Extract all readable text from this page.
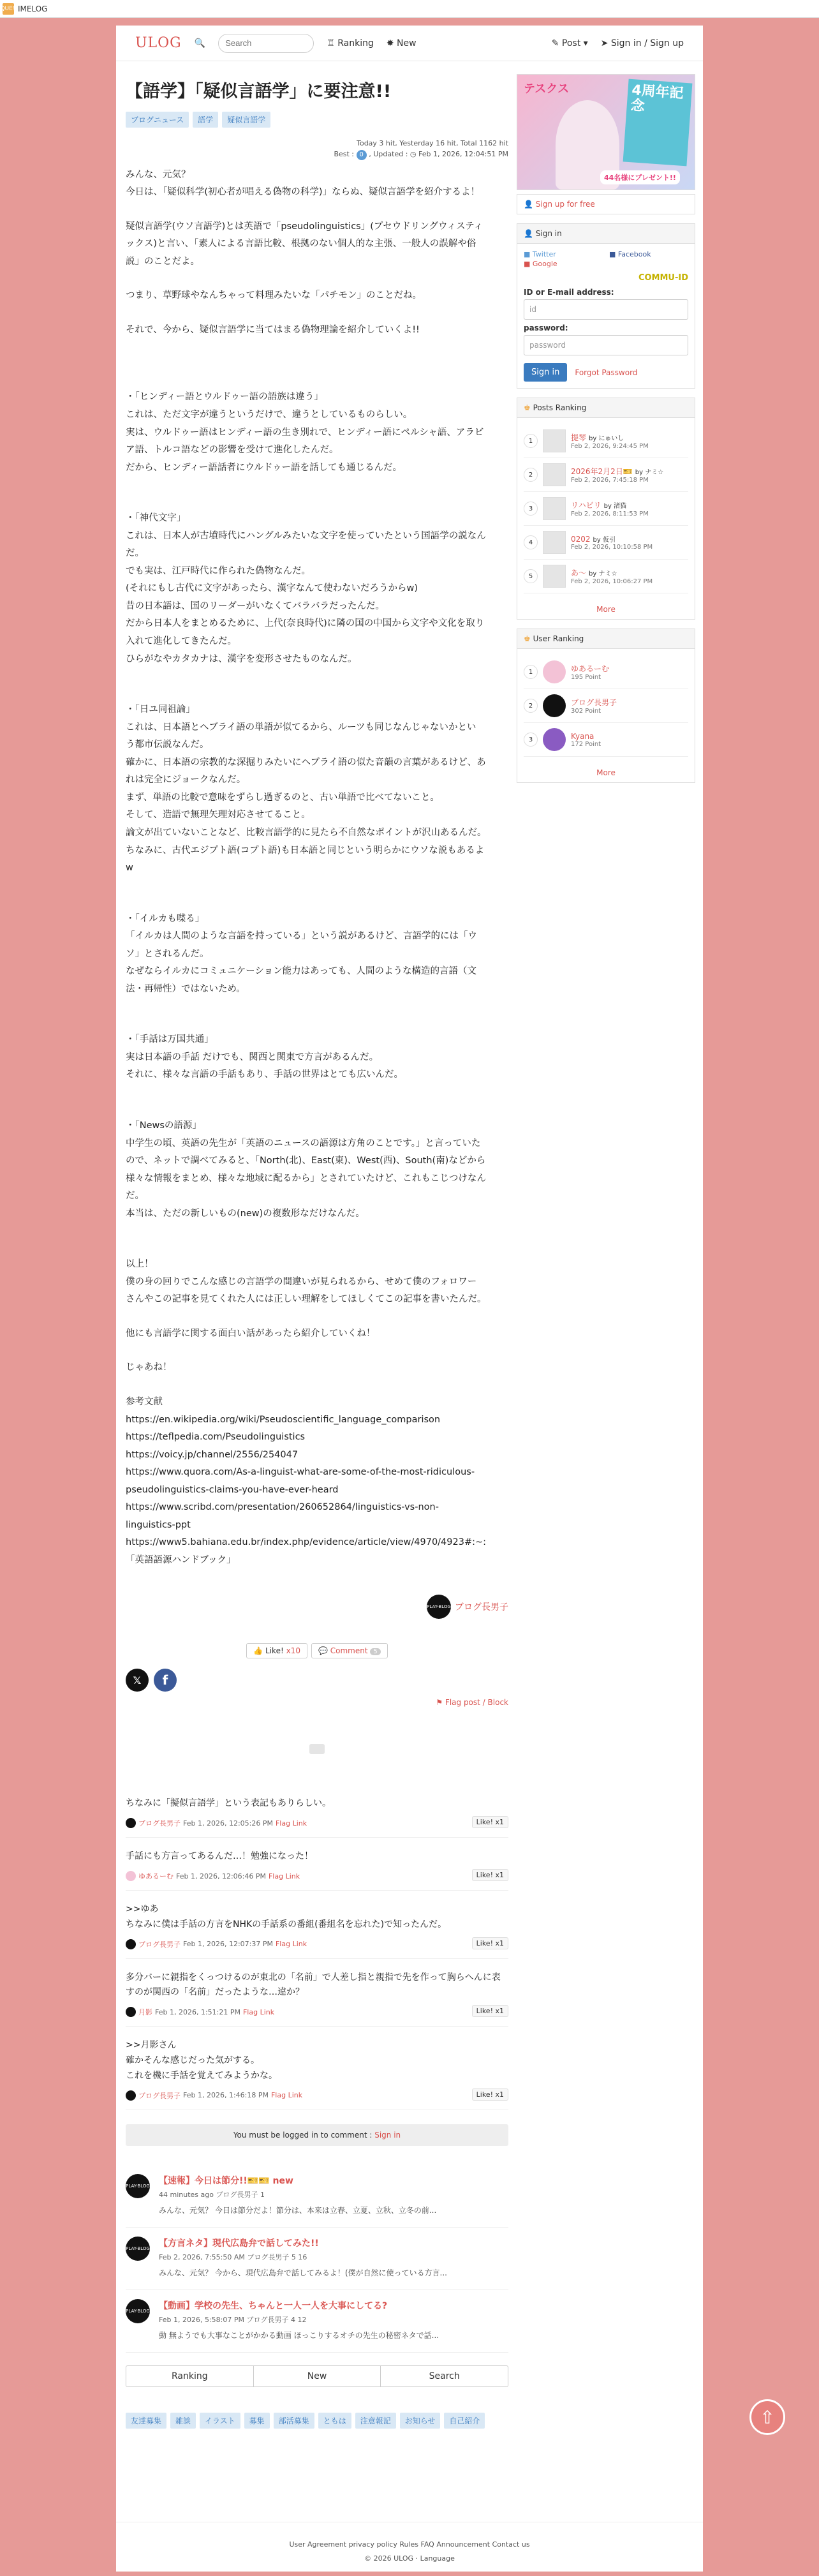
QUE9 IMELOG
ULOG 🔍
Search	♖ Ranking ✸ New	✎ Post ▾ ➤ Sign in / Sign up
【語学】「疑似言語学」に要注意!!
ブログニュース	語学	疑似言語学
Today 3 hit, Yesterday 16 hit, Total 1162 hit
Best : 0 , Updated : ◷ Feb 1, 2026, 12:04:51 PM
みんな、元気？
今日は、「疑似科学(初心者が唱える偽物の科学)」ならぬ、疑似言語学を紹介するよ！
疑似言語学(ウソ言語学)とは英語で「pseudolinguistics」(プセウドリングウィスティ
ックス)と言い、「素人による言語比較、根拠のない個人的な主張、一般人の誤解や俗
説」のことだよ。
つまり、草野球やなんちゃって料理みたいな「パチモン」のことだね。
それで、今から、疑似言語学に当てはまる偽物理論を紹介していくよ!!
・「ヒンディー語とウルドゥー語の語族は違う」
これは、ただ文字が違うというだけで、違うとしているものらしい。
実は、ウルドゥー語はヒンディー語の生き別れで、ヒンディー語にペルシャ語、アラビ
ア語、トルコ語などの影響を受けて進化したんだ。
だから、ヒンディー語話者にウルドゥー語を話しても通じるんだ。
・「神代文字」
これは、日本人が古墳時代にハングルみたいな文字を使っていたという国語学の説なん
だ。
でも実は、江戸時代に作られた偽物なんだ。
(それにもし古代に文字があったら、漢字なんて使わないだろうからw)
昔の日本語は、国のリーダーがいなくてバラバラだったんだ。
だから日本人をまとめるために、上代(奈良時代)に隣の国の中国から文字や文化を取り
入れて進化してきたんだ。
ひらがなやカタカナは、漢字を変形させたものなんだ。
・「日ユ同祖論」
これは、日本語とヘブライ語の単語が似てるから、ルーツも同じなんじゃないかとい
う都市伝説なんだ。
確かに、日本語の宗教的な深掘りみたいにヘブライ語の似た音韻の言葉があるけど、あ
れは完全にジョークなんだ。
まず、単語の比較で意味をずらし過ぎるのと、古い単語で比べてないこと。
そして、造語で無理矢理対応させてること。
論文が出ていないことなど、比較言語学的に見たら不自然なポイントが沢山あるんだ。
ちなみに、古代エジプト語(コプト語)も日本語と同じという明らかにウソな説もあるよ
w
・「イルカも喋る」
「イルカは人間のような言語を持っている」という説があるけど、言語学的には「ウ
ソ」とされるんだ。
なぜならイルカにコミュニケーション能力はあっても、人間のような構造的言語（文
法・再帰性）ではないため。
・「手話は万国共通」
実は日本語の手話 だけでも、関西と関東で方言があるんだ。
それに、様々な言語の手話もあり、手話の世界はとても広いんだ。
・「Newsの語源」
中学生の頃、英語の先生が「英語のニュースの語源は方角のことです。」と言っていた
ので、ネットで調べてみると、「North(北)、East(東)、West(西)、South(南)などから
様々な情報をまとめ、様々な地域に配るから」とされていたけど、これもこじつけなん
だ。
本当は、ただの新しいもの(new)の複数形なだけなんだ。
以上！
僕の身の回りでこんな感じの言語学の間違いが見られるから、せめて僕のフォロワー
さんやこの記事を見てくれた人には正しい理解をしてほしくてこの記事を書いたんだ。
他にも言語学に関する面白い話があったら紹介していくね！
じゃあね！
参考文献
https://en.wikipedia.org/wiki/Pseudoscientific_language_comparison
https://teflpedia.com/Pseudolinguistics
https://voicy.jp/channel/2556/254047
https://www.quora.com/As-a-linguist-what-are-some-of-the-most-ridiculous-
pseudolinguistics-claims-you-have-ever-heard
https://www.scribd.com/presentation/260652864/linguistics-vs-non-
linguistics-ppt
https://www5.bahiana.edu.br/index.php/evidence/article/view/4970/4923#:~:
「英語語源ハンドブック」
PLAY-BLOG ブログ長男子
👍 Like! x10	💬 Comment 5
𝕏	f
⚑ Flag post / Block
ちなみに「擬似言語学」という表記もありらしい。
ブログ長男子 Feb 1, 2026, 12:05:26 PM Flag Link	Like! x1
手話にも方言ってあるんだ…！勉強になった！
ゆあるーむ Feb 1, 2026, 12:06:46 PM Flag Link	Like! x1
>>ゆあ
ちなみに僕は手話の方言をNHKの手話系の番組(番組名を忘れた)で知ったんだ。
ブログ長男子 Feb 1, 2026, 12:07:37 PM Flag Link	Like! x1
多分バーに親指をくっつけるのが東北の「名前」で人差し指と親指で先を作って胸らへんに表すのが関西の「名前」だったような…違か？
月影 Feb 1, 2026, 1:51:21 PM Flag Link	Like! x1
>>月影さん
確かそんな感じだった気がする。
これを機に手話を覚えてみようかな。
ブログ長男子 Feb 1, 2026, 1:46:18 PM Flag Link	Like! x1
You must be logged in to comment : Sign in
PLAY-BLOG 【速報】今日は節分!!🎫🎫 new
44 minutes ago ブログ長男子 1
みんな、元気？ 今日は節分だよ！節分は、本来は立春、立夏、立秋、立冬の前...
PLAY-BLOG 【方言ネタ】現代広島弁で話してみた!!
Feb 2, 2026, 7:55:50 AM ブログ長男子 5 16
みんな、元気？ 今から、現代広島弁で話してみるよ！(僕が自然に使っている方言...
PLAY-BLOG 【動画】学校の先生、ちゃんと一人一人を大事にしてる?
Feb 1, 2026, 5:58:07 PM ブログ長男子 4 12
動 無ようでも大事なことがかかる動画 ほっこりするオチの先生の秘密ネタで話...
Ranking	New	Search
友達募集	雑談	イラスト	募集	部活募集	ともは	注意報記	お知らせ	自己紹介
テスクス	4周年記念
44名様にプレゼント!!
👤 Sign up for free
👤 Sign in
■ Twitter	■ Facebook
■ Google
COMMU-ID
ID or E-mail address:
id
password:
password
Sign in	Forgot Password
♚ Posts Ranking
1	提琴 by にゅいし
Feb 2, 2026, 9:24:45 PM
2	2026年2月2日🎫 by ナミ☆
Feb 2, 2026, 7:45:18 PM
3	リハビリ by 渚猫
Feb 2, 2026, 8:11:53 PM
4	0202 by 仮引
Feb 2, 2026, 10:10:58 PM
5	あ〜 by ナミ☆
Feb 2, 2026, 10:06:27 PM
More
♚ User Ranking
1	ゆあるーむ
195 Point
2	ブログ長男子
302 Point
3	Kyana
172 Point
More
User Agreement privacy policy Rules FAQ Announcement Contact us
© 2026 ULOG · Language
⇧
